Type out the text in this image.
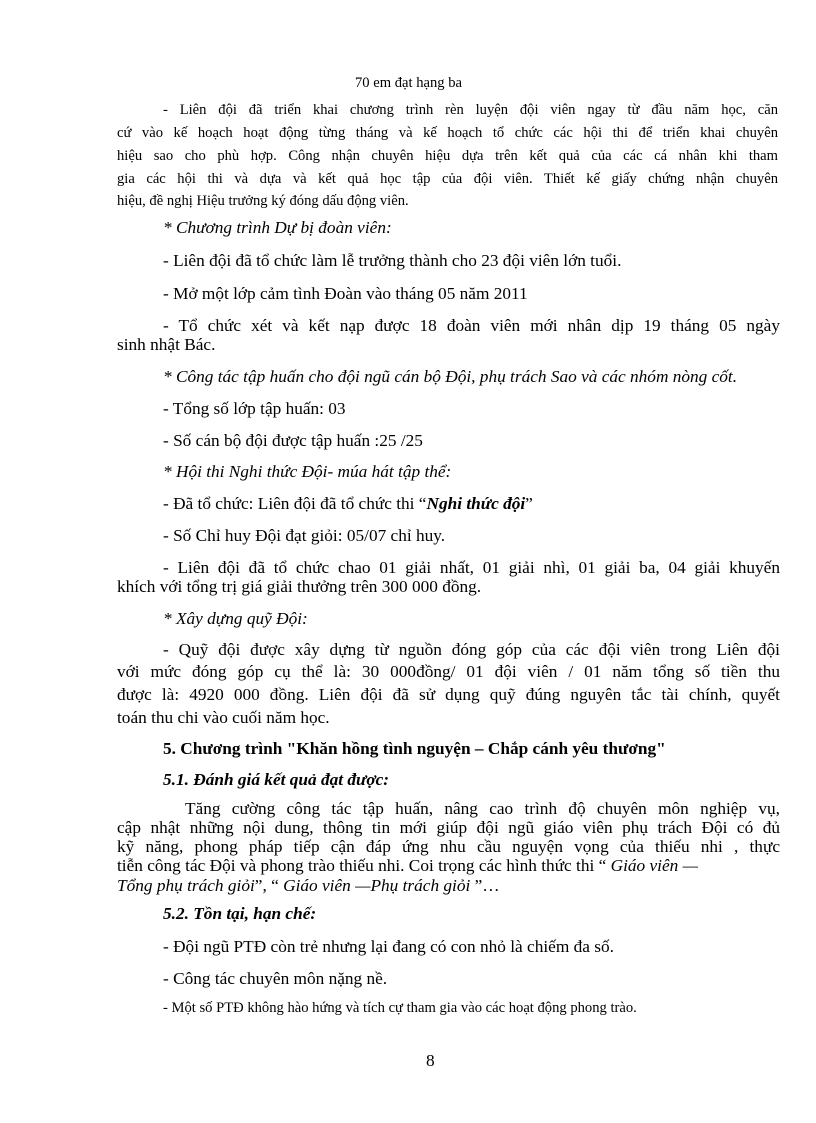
70 em đạt hạng ba
- Liên đội đã triển khai chương trình rèn luyện đội viên ngay từ đầu năm học, căn
cứ vào kế hoạch hoạt động từng tháng và kế hoạch tổ chức các hội thi để triển khai chuyên
hiệu sao cho phù hợp. Công nhận chuyên hiệu dựa trên kết quả của các cá nhân khi tham
gia các hội thi và dựa và kết quả học tập của đội viên. Thiết kế giấy chứng nhận chuyên
hiệu, đề nghị Hiệu trưởng ký đóng dấu động viên.
* Chương trình Dự bị đoàn viên:
- Liên đội đã tổ chức làm lễ trưởng thành cho 23 đội viên lớn tuổi.
- Mở một lớp cảm tình Đoàn vào tháng 05 năm 2011
- Tổ chức xét và kết nạp được 18 đoàn viên mới nhân dịp 19 tháng 05 ngày
sinh nhật Bác.
* Công tác tập huấn cho đội ngũ cán bộ Đội, phụ trách Sao và các nhóm nòng cốt.
- Tổng số lớp tập huấn: 03
- Số cán bộ đội được tập huấn :25 /25
* Hội thi Nghi thức Đội- múa hát tập thể:
- Đã tổ chức: Liên đội đã tổ chức thi “Nghi thức đội”
- Số Chỉ huy Đội đạt giỏi: 05/07 chỉ huy.
- Liên đội đã tổ chức chao 01 giải nhất, 01 giải nhì, 01 giải ba, 04 giải khuyến
khích với tổng trị giá giải thưởng trên 300 000 đồng.
* Xây dựng quỹ Đội:
- Quỹ đội được xây dựng từ nguồn đóng góp của các đội viên trong Liên đội
với mức đóng góp cụ thể là: 30 000đồng/ 01 đội viên / 01 năm tổng số tiền thu
được là: 4920 000 đồng. Liên đội đã sử dụng quỹ đúng nguyên tắc tài chính, quyết
toán thu chi vào cuối năm học.
5. Chương trình "Khăn hồng tình nguyện – Chắp cánh yêu thương"
5.1. Đánh giá kết quả đạt được:
Tăng cường công tác tập huấn, nâng cao trình độ chuyên môn nghiệp vụ,
cập nhật những nội dung, thông tin mới giúp đội ngũ giáo viên phụ trách Đội có đủ
kỹ năng, phong pháp tiếp cận đáp ứng nhu cầu nguyện vọng của thiếu nhi , thực
tiễn công tác Đội và phong trào thiếu nhi. Coi trọng các hình thức thi “ Giáo viên —
Tổng phụ trách giỏi”, “ Giáo viên —Phụ trách giỏi ”…
5.2. Tồn tại, hạn chế:
- Đội ngũ PTĐ còn trẻ nhưng lại đang có con nhỏ là chiếm đa số.
- Công tác chuyên môn nặng nề.
- Một số PTĐ không hào hứng và tích cự tham gia vào các hoạt động phong trào.
8
